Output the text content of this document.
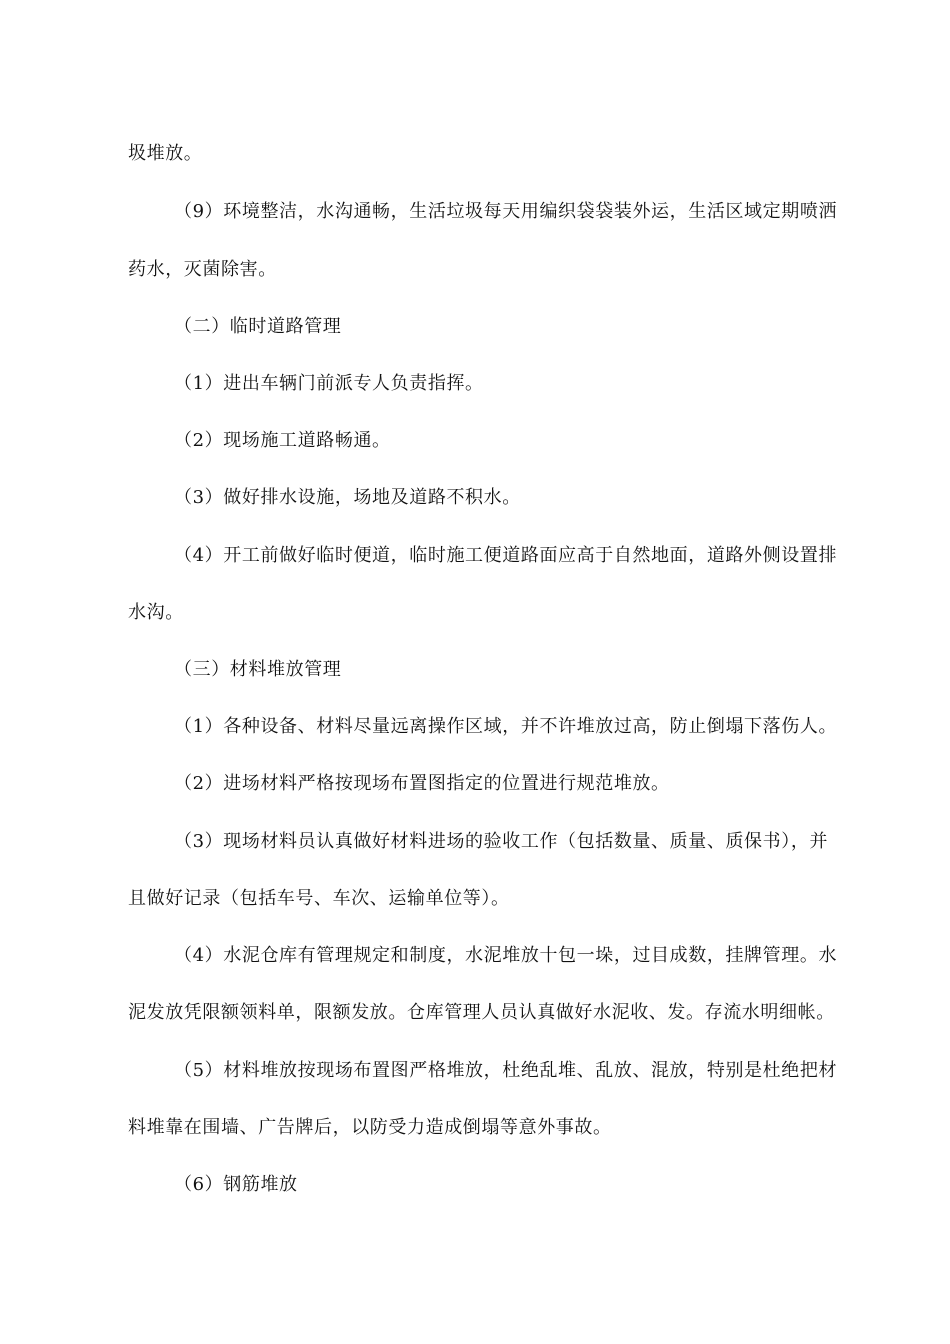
圾堆放。
（9）环境整洁，水沟通畅，生活垃圾每天用编织袋袋装外运，生活区域定期喷洒
药水，灭菌除害。
（二）临时道路管理
（1）进出车辆门前派专人负责指挥。
（2）现场施工道路畅通。
（3）做好排水设施，场地及道路不积水。
（4）开工前做好临时便道，临时施工便道路面应高于自然地面，道路外侧设置排
水沟。
（三）材料堆放管理
（1）各种设备、材料尽量远离操作区域，并不许堆放过高，防止倒塌下落伤人。
（2）进场材料严格按现场布置图指定的位置进行规范堆放。
（3）现场材料员认真做好材料进场的验收工作（包括数量、质量、质保书），并
且做好记录（包括车号、车次、运输单位等）。
（4）水泥仓库有管理规定和制度，水泥堆放十包一垛，过目成数，挂牌管理。水
泥发放凭限额领料单，限额发放。仓库管理人员认真做好水泥收、发。存流水明细帐。
（5）材料堆放按现场布置图严格堆放，杜绝乱堆、乱放、混放，特别是杜绝把材
料堆靠在围墙、广告牌后，以防受力造成倒塌等意外事故。
（6）钢筋堆放
